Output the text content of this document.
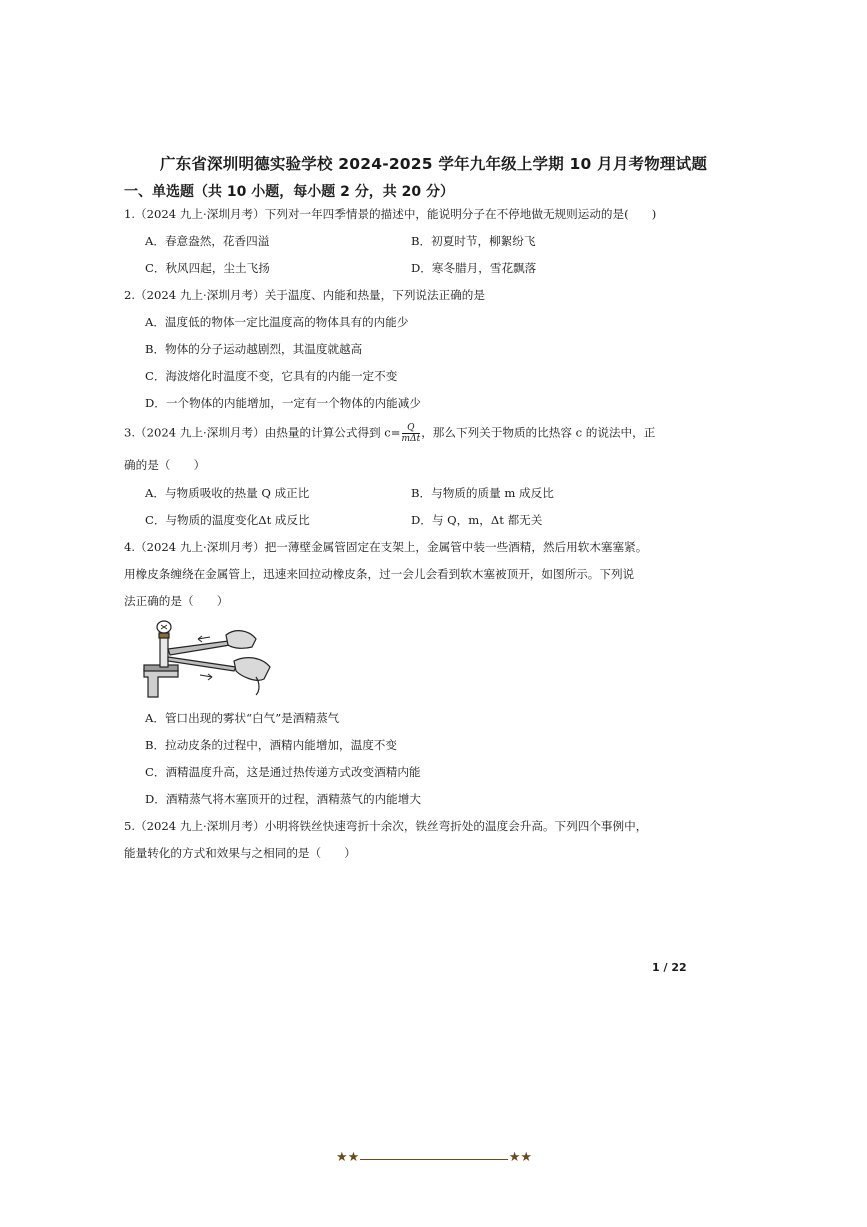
广东省深圳明德实验学校 2024-2025 学年九年级上学期 10 月月考物理试题
一、单选题（共 10 小题，每小题 2 分，共 20 分）
1.（2024 九上·深圳月考）下列对一年四季情景的描述中，能说明分子在不停地做无规则运动的是(　　)
A．春意盎然，花香四溢	B．初夏时节，柳絮纷飞
C．秋风四起，尘土飞扬	D．寒冬腊月，雪花飘落
2.（2024 九上·深圳月考）关于温度、内能和热量，下列说法正确的是
A．温度低的物体一定比温度高的物体具有的内能少
B．物体的分子运动越剧烈，其温度就越高
C．海波熔化时温度不变，它具有的内能一定不变
D．一个物体的内能增加，一定有一个物体的内能减少
3.（2024 九上·深圳月考）由热量的计算公式得到 $c= \frac{Q}{\text{mΔt}}$ ，那么下列关于物质的比热容 c 的说法中，正
确的是（　　）
A．与物质吸收的热量 Q 成正比	B．与物质的质量 m 成反比
C．与物质的温度变化Δt 成反比	D．与 Q，m，Δt 都无关
4.（2024 九上·深圳月考）把一薄壁金属管固定在支架上，金属管中装一些酒精，然后用软木塞塞紧。
用橡皮条缠绕在金属管上，迅速来回拉动橡皮条，过一会儿会看到软木塞被顶开，如图所示。下列说
法正确的是（　　）
A．管口出现的雾状“白气”是酒精蒸气
B．拉动皮条的过程中，酒精内能增加，温度不变
C．酒精温度升高，这是通过热传递方式改变酒精内能
D．酒精蒸气将木塞顶开的过程，酒精蒸气的内能增大
5.（2024 九上·深圳月考）小明将铁丝快速弯折十余次，铁丝弯折处的温度会升高。下列四个事例中，
能量转化的方式和效果与之相同的是（　　）
1 / 22
★★	★★
